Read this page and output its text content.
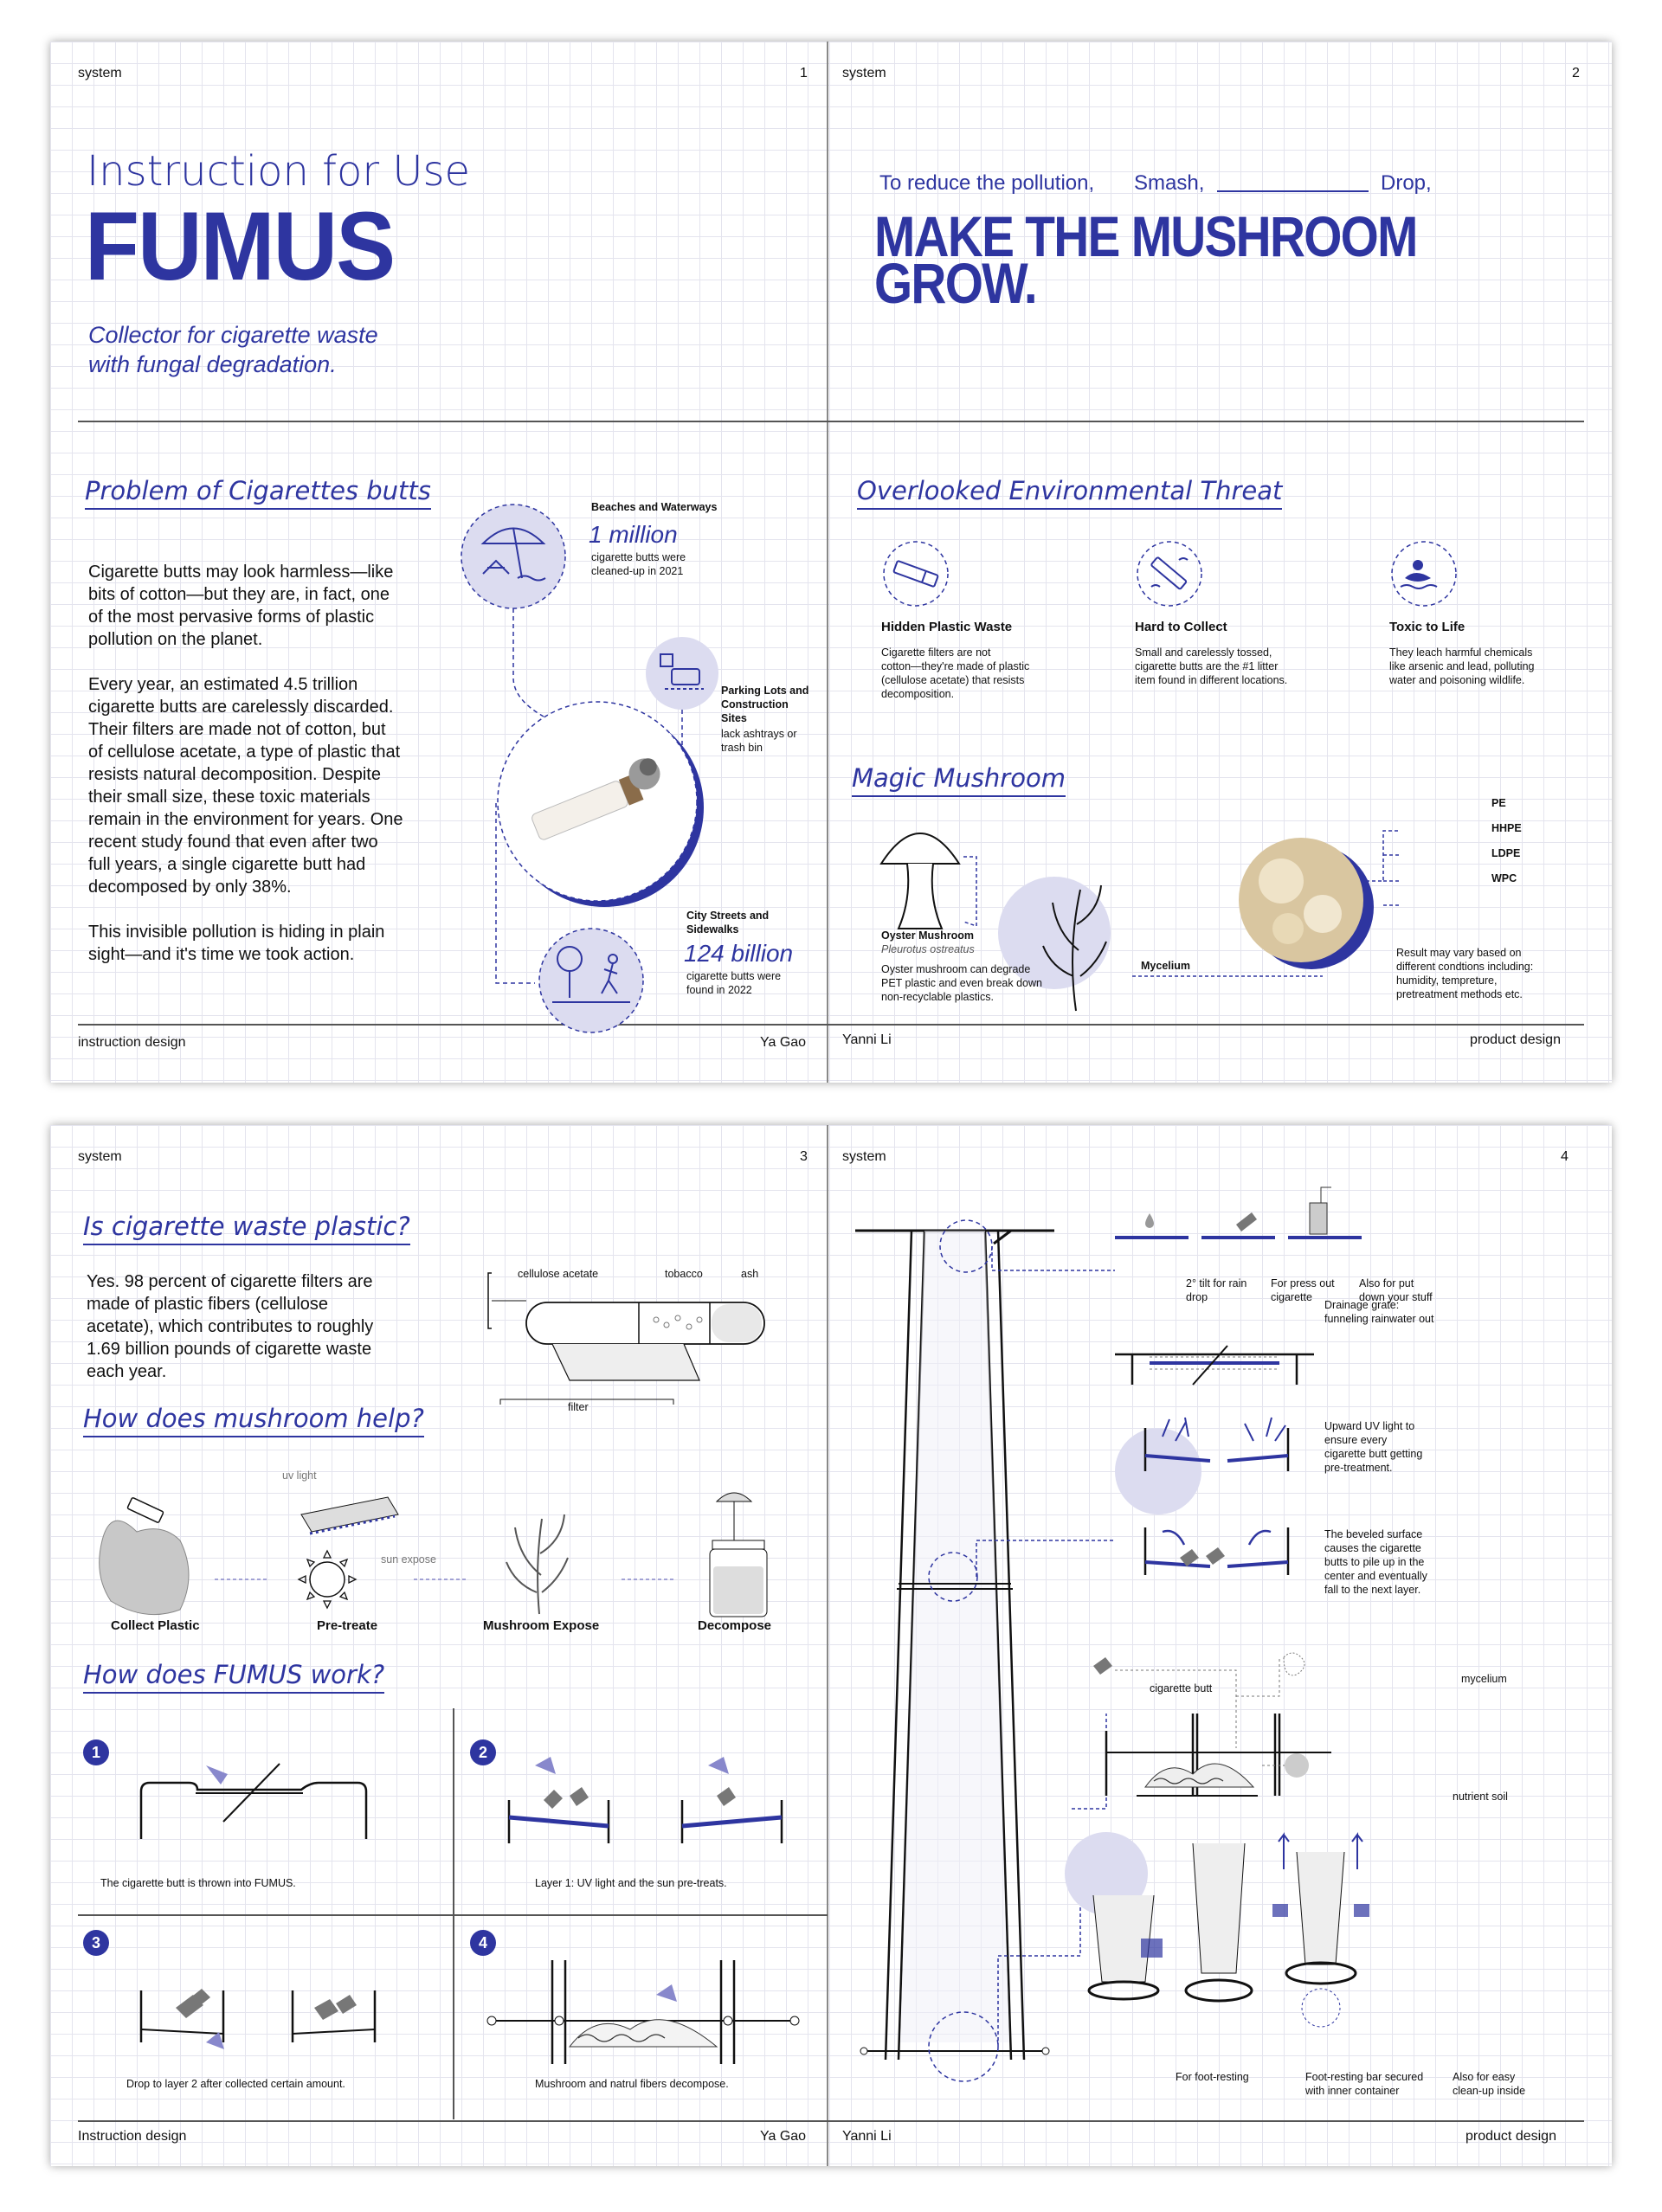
system	1
Instruction for Use
FUMUS
Collector for cigarette waste
with fungal degradation.
Problem of Cigarettes butts
Cigarette butts may look harmless—like
bits of cotton—but they are, in fact, one
of the most pervasive forms of plastic
pollution on the planet.
Every year, an estimated 4.5 trillion
cigarette butts are carelessly discarded.
Their filters are made not of cotton, but
of cellulose acetate, a type of plastic that
resists natural decomposition. Despite
their small size, these toxic materials
remain in the environment for years. One
recent study found that even after two
full years, a single cigarette butt had
decomposed by only 38%.
This invisible pollution is hiding in plain
sight—and it's time we took action.
Beaches and Waterways
1 million
cigarette butts were
cleaned-up in 2021
Parking Lots and
Construction
Sites
lack ashtrays or
trash bin
City Streets and
Sidewalks
124 billion
cigarette butts were
found in 2022
instruction design	Ya Gao
system	2
To reduce the pollution, Smash,	Drop,
MAKE THE MUSHROOM
GROW.
Overlooked Environmental Threat
Magic Mushroom
PE
HHPE
LDPE
WPC
Oyster Mushroom
Pleurotus ostreatus
Oyster mushroom can degrade
PET plastic and even break down
non-recyclable plastics.
Mycelium
Result may vary based on
different condtions including:
humidity, tempreture,
pretreatment methods etc.
Yanni Li	product design
Hidden Plastic Waste
Cigarette filters are not
cotton—they're made of plastic
(cellulose acetate) that resists
decomposition.
Hard to Collect
Small and carelessly tossed,
cigarette butts are the #1 litter
item found in different locations.
Toxic to Life
They leach harmful chemicals
like arsenic and lead, polluting
water and poisoning wildlife.
system	3
Is cigarette waste plastic?
Yes. 98 percent of cigarette filters are
made of plastic fibers (cellulose
acetate), which contributes to roughly
1.69 billion pounds of cigarette waste
each year.
cellulose acetate	tobacco	ash
filter
How does mushroom help?
uv light
sun expose
How does FUMUS work?
Instruction design	Ya Gao
system	4
Drainage grate:
funneling rainwater out
Upward UV light to
ensure every
cigarette butt getting
pre-treatment.
The beveled surface
causes the cigarette
butts to pile up in the
center and eventually
fall to the next layer.
cigarette butt
mycelium
nutrient soil
Yanni Li	product design
Collect Plastic	Pre-treate	Mushroom Expose	Decompose
1
The cigarette butt is thrown into FUMUS.
2
Layer 1: UV light and the sun pre-treats.
3
Drop to layer 2 after collected certain amount.
4
Mushroom and natrul fibers decompose.
2° tilt for rain
drop
For press out
cigarette
Also for put
down your stuff
For foot-resting	Foot-resting bar secured
with inner container
Also for easy
clean-up inside
